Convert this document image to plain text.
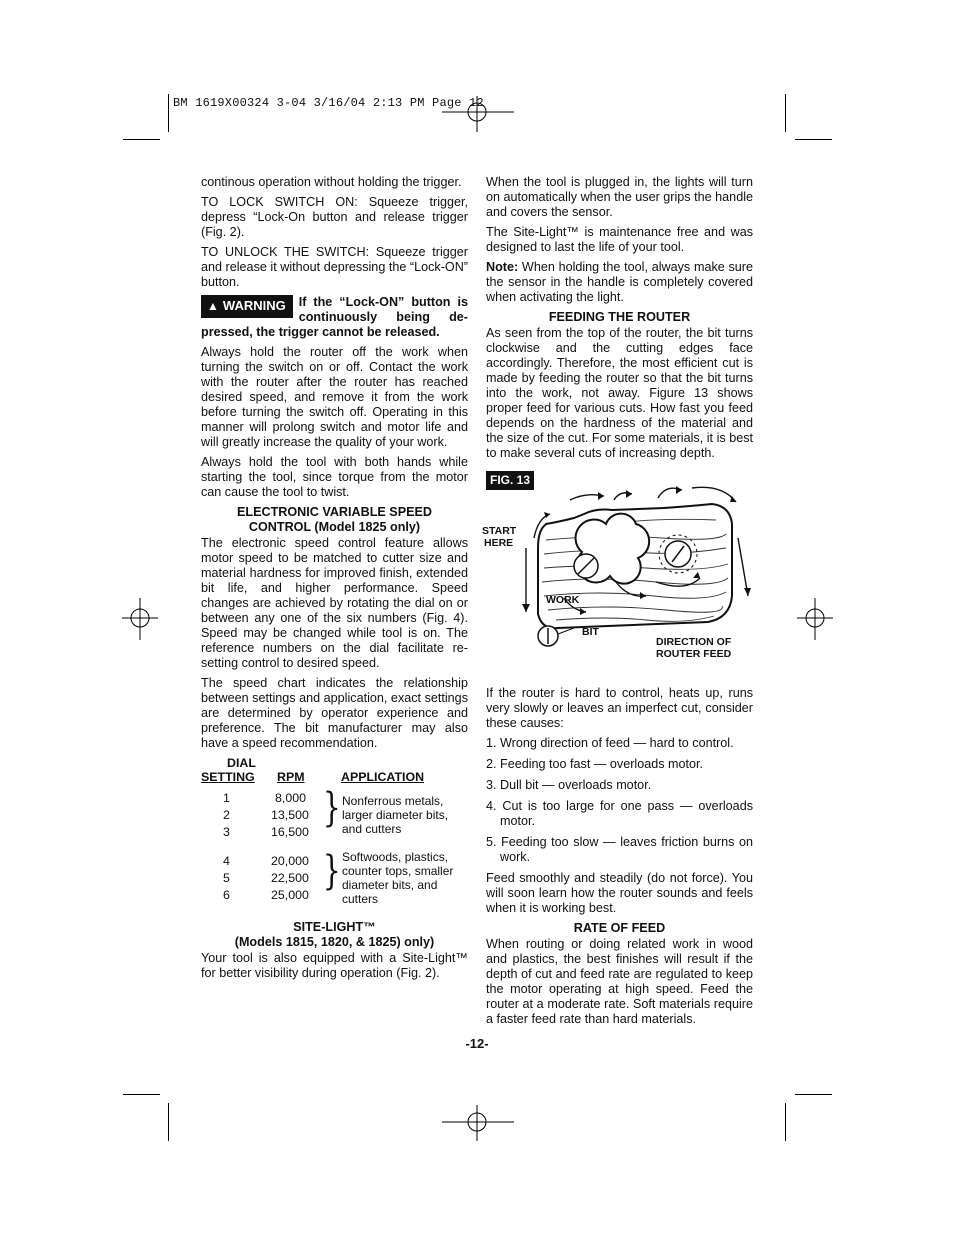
BM 1619X00324 3-04 3/16/04 2:13 PM Page 12

continous operation without holding the trigger.

TO LOCK SWITCH ON: Squeeze trigger, depress “Lock-On button and release trigger (Fig. 2).

TO UNLOCK THE SWITCH: Squeeze trigger and release it without depressing the “Lock-ON” button.

▲ WARNING	If the “Lock-ON” button is continuously being de-pressed, the trigger cannot be released.

Always hold the router off the work when turning the switch on or off. Contact the work with the router after the router has reached desired speed, and remove it from the work before turning the switch off. Operating in this manner will prolong switch and motor life and will greatly increase the quality of your work.

Always hold the tool with both hands while starting the tool, since torque from the motor can cause the tool to twist.

ELECTRONIC VARIABLE SPEED
CONTROL (Model 1825 only)

The electronic speed control feature allows motor speed to be matched to cutter size and material hardness for improved finish, extended bit life, and higher performance. Speed changes are achieved by rotating the dial on or between any one of the six numbers (Fig. 4). Speed may be changed while tool is on. The reference numbers on the dial facilitate re-setting control to desired speed.

The speed chart indicates the relationship between settings and application, exact settings are determined by operator experience and preference. The bit manufacturer may also have a speed recommendation.

DIAL
SETTING RPM	APPLICATION
1
2
3
4
5
6
8,000
13,500
16,500
20,000
22,500
25,000
}
}
Nonferrous metals,
larger diameter bits,
and cutters
Softwoods, plastics,
counter tops, smaller
diameter bits, and
cutters
SITE-LIGHT™
(Models 1815, 1820, & 1825) only)

Your tool is also equipped with a Site-Light™ for better visibility during operation (Fig. 2).

When the tool is plugged in, the lights will turn on automatically when the user grips the handle and covers the sensor.

The Site-Light™ is maintenance free and was designed to last the life of your tool.

Note: When holding the tool, always make sure the sensor in the handle is completely covered when activating the light.

FEEDING THE ROUTER

As seen from the top of the router, the bit turns clockwise and the cutting edges face accordingly. Therefore, the most efficient cut is made by feeding the router so that the bit turns into the work, not away. Figure 13 shows proper feed for various cuts. How fast you feed depends on the hardness of the material and the size of the cut. For some materials, it is best to make several cuts of increasing depth.

FIG. 13
START
HERE
WORK
BIT
DIRECTION OF
ROUTER FEED

If the router is hard to control, heats up, runs very slowly or leaves an imperfect cut, consider these causes:

1. Wrong direction of feed — hard to control.
2. Feeding too fast — overloads motor.
3. Dull bit — overloads motor.
4. Cut is too large for one pass — overloads motor.
5. Feeding too slow — leaves friction burns on work.

Feed smoothly and steadily (do not force). You will soon learn how the router sounds and feels when it is working best.

RATE OF FEED

When routing or doing related work in wood and plastics, the best finishes will result if the depth of cut and feed rate are regulated to keep the motor operating at high speed. Feed the router at a moderate rate. Soft materials require a faster feed rate than hard materials.

-12-
